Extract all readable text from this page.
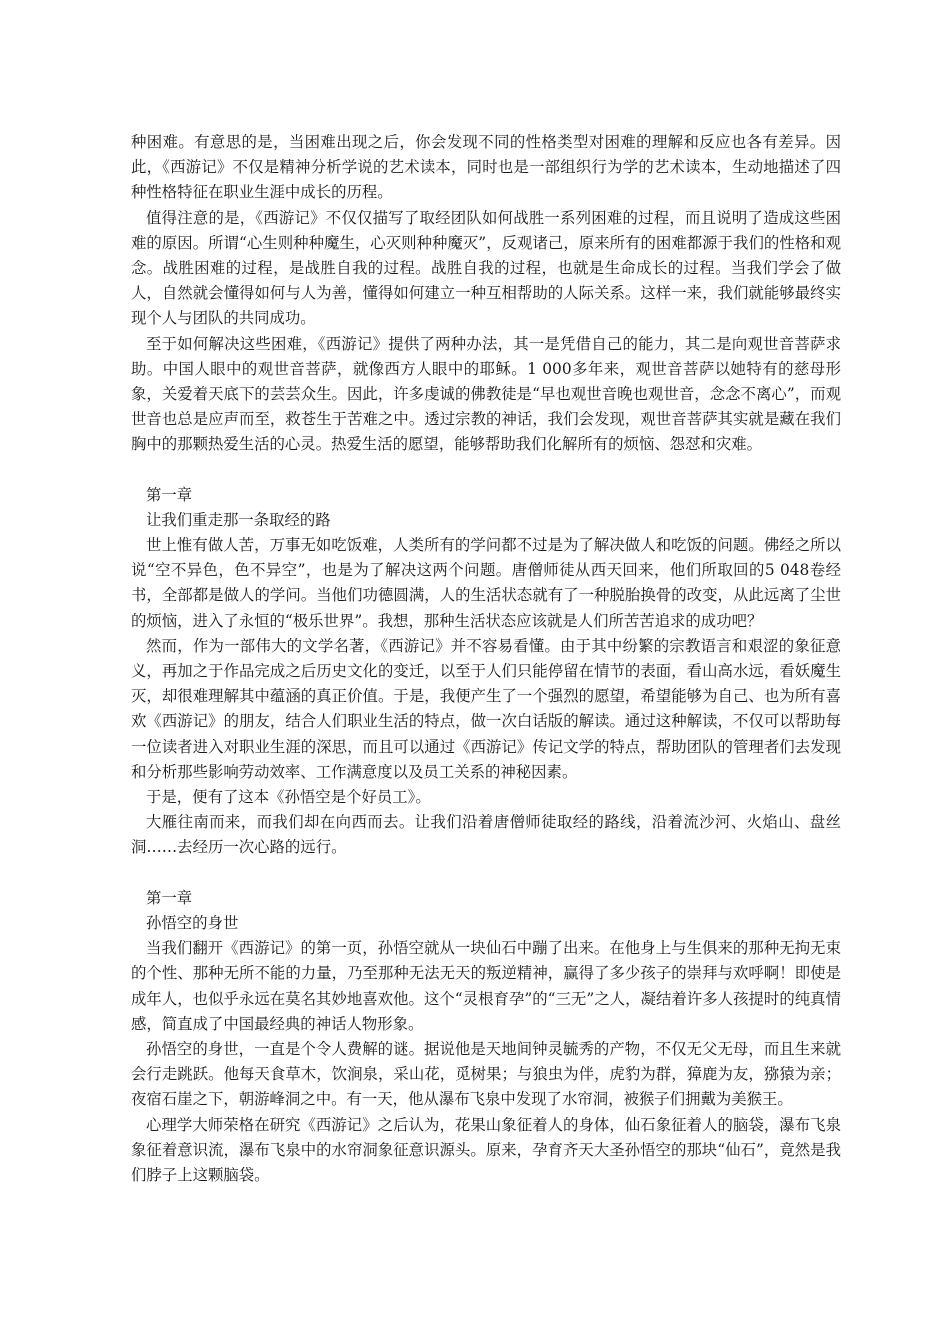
种困难。有意思的是，当困难出现之后，你会发现不同的性格类型对困难的理解和反应也各有差异。因此，《西游记》不仅是精神分析学说的艺术读本，同时也是一部组织行为学的艺术读本，生动地描述了四种性格特征在职业生涯中成长的历程。

值得注意的是，《西游记》不仅仅描写了取经团队如何战胜一系列困难的过程，而且说明了造成这些困难的原因。所谓“心生则种种魔生，心灭则种种魔灭”，反观诸己，原来所有的困难都源于我们的性格和观念。战胜困难的过程，是战胜自我的过程。战胜自我的过程，也就是生命成长的过程。当我们学会了做人，自然就会懂得如何与人为善，懂得如何建立一种互相帮助的人际关系。这样一来，我们就能够最终实现个人与团队的共同成功。

至于如何解决这些困难，《西游记》提供了两种办法，其一是凭借自己的能力，其二是向观世音菩萨求助。中国人眼中的观世音菩萨，就像西方人眼中的耶稣。1 000多年来，观世音菩萨以她特有的慈母形象，关爱着天底下的芸芸众生。因此，许多虔诚的佛教徒是“早也观世音晚也观世音，念念不离心”，而观世音也总是应声而至，救苍生于苦难之中。透过宗教的神话，我们会发现，观世音菩萨其实就是藏在我们胸中的那颗热爱生活的心灵。热爱生活的愿望，能够帮助我们化解所有的烦恼、怨怼和灾难。

第一章

让我们重走那一条取经的路

世上惟有做人苦，万事无如吃饭难，人类所有的学问都不过是为了解决做人和吃饭的问题。佛经之所以说“空不异色，色不异空”，也是为了解决这两个问题。唐僧师徒从西天回来，他们所取回的5 048卷经书，全部都是做人的学问。当他们功德圆满，人的生活状态就有了一种脱胎换骨的改变，从此远离了尘世的烦恼，进入了永恒的“极乐世界”。我想，那种生活状态应该就是人们所苦苦追求的成功吧？

然而，作为一部伟大的文学名著，《西游记》并不容易看懂。由于其中纷繁的宗教语言和艰涩的象征意义，再加之于作品完成之后历史文化的变迁，以至于人们只能停留在情节的表面，看山高水远，看妖魔生灭，却很难理解其中蕴涵的真正价值。于是，我便产生了一个强烈的愿望，希望能够为自己、也为所有喜欢《西游记》的朋友，结合人们职业生活的特点，做一次白话版的解读。通过这种解读，不仅可以帮助每一位读者进入对职业生涯的深思，而且可以通过《西游记》传记文学的特点，帮助团队的管理者们去发现和分析那些影响劳动效率、工作满意度以及员工关系的神秘因素。

于是，便有了这本《孙悟空是个好员工》。

大雁往南而来，而我们却在向西而去。让我们沿着唐僧师徒取经的路线，沿着流沙河、火焰山、盘丝洞……去经历一次心路的远行。

第一章

孙悟空的身世

当我们翻开《西游记》的第一页，孙悟空就从一块仙石中蹦了出来。在他身上与生俱来的那种无拘无束的个性、那种无所不能的力量，乃至那种无法无天的叛逆精神，赢得了多少孩子的崇拜与欢呼啊！即使是成年人，也似乎永远在莫名其妙地喜欢他。这个“灵根育孕”的“三无”之人，凝结着许多人孩提时的纯真情感，简直成了中国最经典的神话人物形象。

孙悟空的身世，一直是个令人费解的谜。据说他是天地间钟灵毓秀的产物，不仅无父无母，而且生来就会行走跳跃。他每天食草木，饮涧泉，采山花，觅树果；与狼虫为伴，虎豹为群，獐鹿为友，猕猿为亲；夜宿石崖之下，朝游峰洞之中。有一天，他从瀑布飞泉中发现了水帘洞，被猴子们拥戴为美猴王。

心理学大师荣格在研究《西游记》之后认为，花果山象征着人的身体，仙石象征着人的脑袋，瀑布飞泉象征着意识流，瀑布飞泉中的水帘洞象征意识源头。原来，孕育齐天大圣孙悟空的那块“仙石”，竟然是我们脖子上这颗脑袋。
